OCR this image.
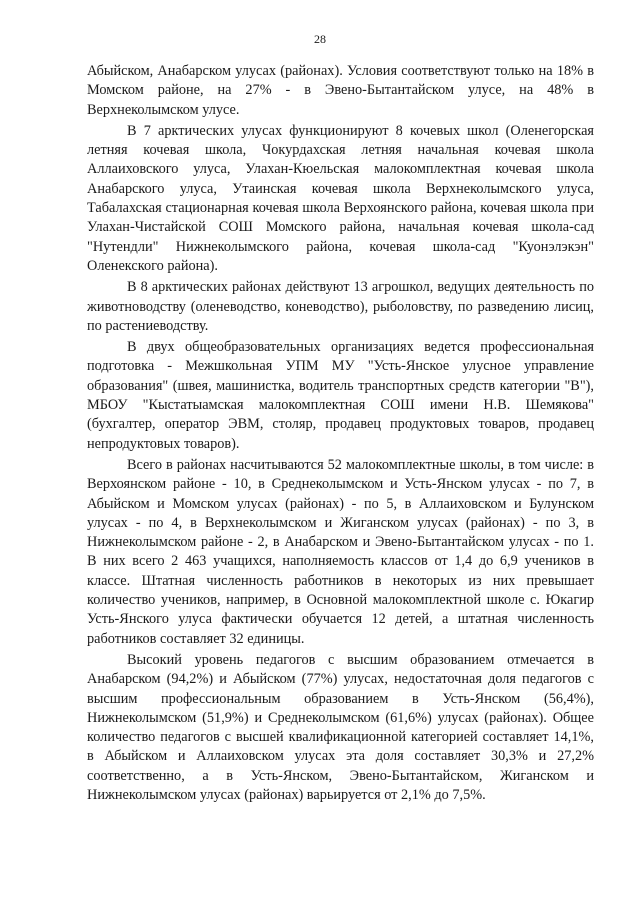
28

Абыйском, Анабарском улусах (районах). Условия соответствуют только на 18% в Момском районе, на 27% - в Эвено-Бытантайском улусе, на 48% в Верхнеколымском улусе.

В 7 арктических улусах функционируют 8 кочевых школ (Оленегорская летняя кочевая школа, Чокурдахская летняя начальная кочевая школа Аллаиховского улуса, Улахан-Кюельская малокомплектная кочевая школа Анабарского улуса, Утаинская кочевая школа Верхнеколымского улуса, Табалахская стационарная кочевая школа Верхоянского района, кочевая школа при Улахан-Чистайской СОШ Момского района, начальная кочевая школа-сад "Нутендли" Нижнеколымского района, кочевая школа-сад "Куонэлэкэн" Оленекского района).

В 8 арктических районах действуют 13 агрошкол, ведущих деятельность по животноводству (оленеводство, коневодство), рыболовству, по разведению лисиц, по растениеводству.

В двух общеобразовательных организациях ведется профессиональная подготовка - Межшкольная УПМ МУ "Усть-Янское улусное управление образования" (швея, машинистка, водитель транспортных средств категории "В"), МБОУ "Кыстатыамская малокомплектная СОШ имени Н.В. Шемякова" (бухгалтер, оператор ЭВМ, столяр, продавец продуктовых товаров, продавец непродуктовых товаров).

Всего в районах насчитываются 52 малокомплектные школы, в том числе: в Верхоянском районе - 10, в Среднеколымском и Усть-Янском улусах - по 7, в Абыйском и Момском улусах (районах) - по 5, в Аллаиховском и Булунском улусах - по 4, в Верхнеколымском и Жиганском улусах (районах) - по 3, в Нижнеколымском районе - 2, в Анабарском и Эвено-Бытантайском улусах - по 1. В них всего 2 463 учащихся, наполняемость классов от 1,4 до 6,9 учеников в классе. Штатная численность работников в некоторых из них превышает количество учеников, например, в Основной малокомплектной школе с. Юкагир Усть-Янского улуса фактически обучается 12 детей, а штатная численность работников составляет 32 единицы.

Высокий уровень педагогов с высшим образованием отмечается в Анабарском (94,2%) и Абыйском (77%) улусах, недостаточная доля педагогов с высшим профессиональным образованием в Усть-Янском (56,4%), Нижнеколымском (51,9%) и Среднеколымском (61,6%) улусах (районах). Общее количество педагогов с высшей квалификационной категорией составляет 14,1%, в Абыйском и Аллаиховском улусах эта доля составляет 30,3% и 27,2% соответственно, а в Усть-Янском, Эвено-Бытантайском, Жиганском и Нижнеколымском улусах (районах) варьируется от 2,1% до 7,5%.
